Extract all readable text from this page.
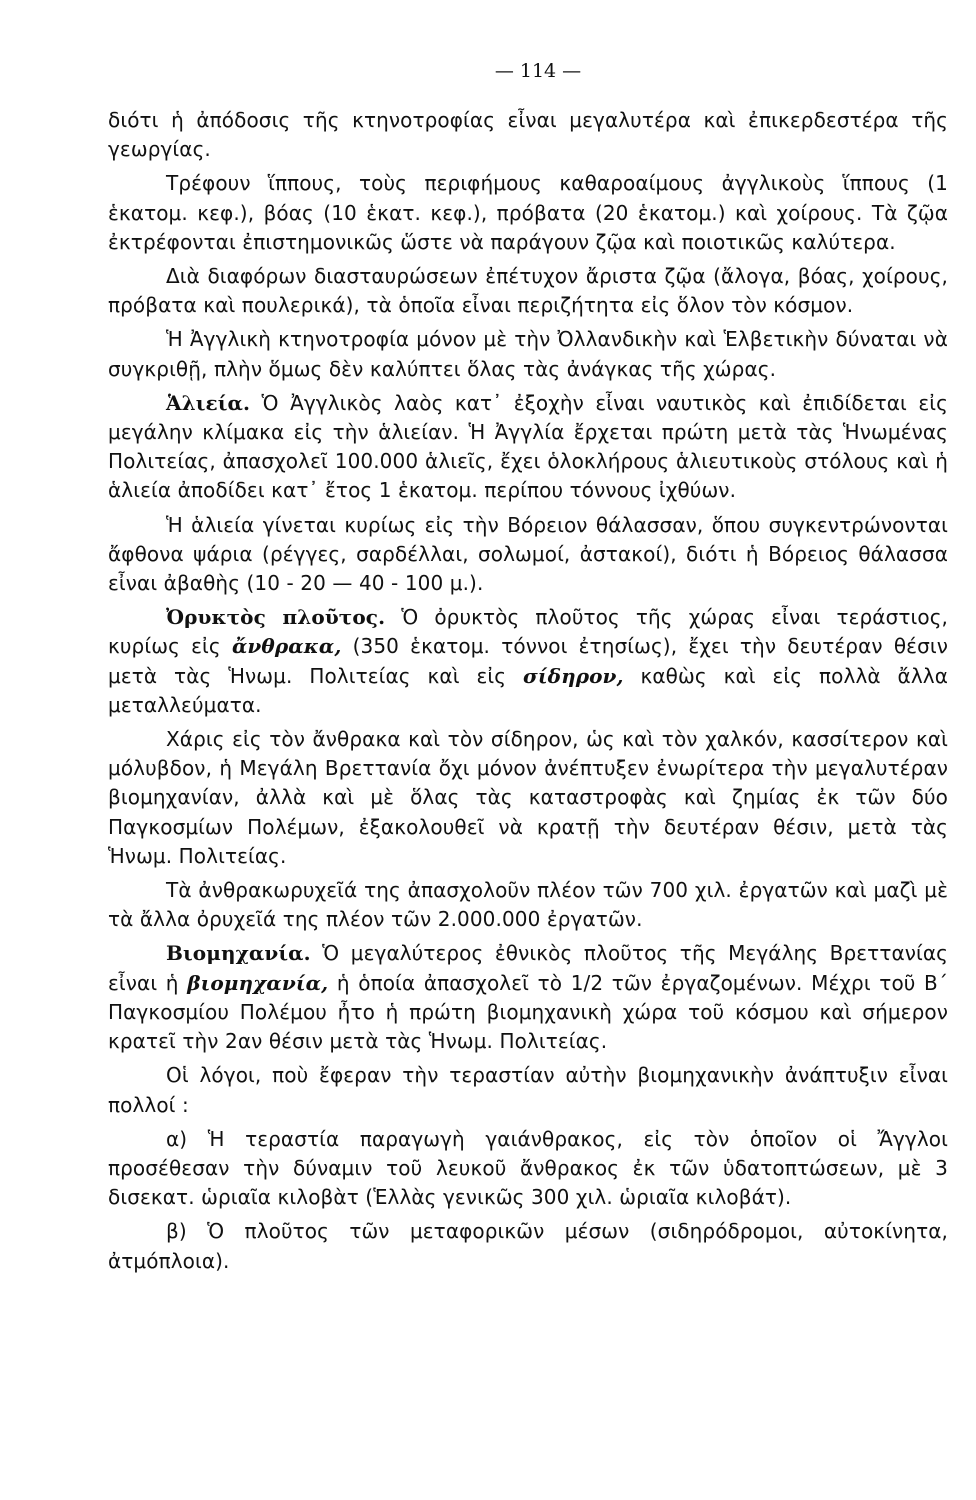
— 114 —

διότι ἡ ἀπόδοσις τῆς κτηνοτροφίας εἶναι μεγαλυτέρα καὶ ἐπικερδεστέρα τῆς γεωργίας.

Τρέφουν ἵππους, τοὺς περιφήμους καθαροαίμους ἀγγλικοὺς ἵππους (1 ἑκατομ. κεφ.), βόας (10 ἑκατ. κεφ.), πρόβατα (20 ἑκατομ.) καὶ χοίρους. Τὰ ζῷα ἐκτρέφονται ἐπιστημονικῶς ὥστε νὰ παράγουν ζῷα καὶ ποιοτικῶς καλύτερα.

Διὰ διαφόρων διασταυρώσεων ἐπέτυχον ἄριστα ζῷα (ἄλογα, βόας, χοίρους, πρόβατα καὶ πουλερικά), τὰ ὁποῖα εἶναι περιζήτητα εἰς ὅλον τὸν κόσμον.

Ἡ Ἀγγλικὴ κτηνοτροφία μόνον μὲ τὴν Ὀλλανδικὴν καὶ Ἑλβετικὴν δύναται νὰ συγκριθῇ, πλὴν ὅμως δὲν καλύπτει ὅλας τὰς ἀνάγκας τῆς χώρας.

Ἁλιεία. Ὁ Ἀγγλικὸς λαὸς κατ᾽ ἐξοχὴν εἶναι ναυτικὸς καὶ ἐπιδίδεται εἰς μεγάλην κλίμακα εἰς τὴν ἁλιείαν. Ἡ Ἀγγλία ἔρχεται πρώτη μετὰ τὰς Ἡνωμένας Πολιτείας, ἀπασχολεῖ 100.000 ἁλιεῖς, ἔχει ὁλοκλήρους ἁλιευτικοὺς στόλους καὶ ἡ ἁλιεία ἀποδίδει κατ᾽ ἔτος 1 ἑκατομ. περίπου τόννους ἰχθύων.

Ἡ ἁλιεία γίνεται κυρίως εἰς τὴν Βόρειον θάλασσαν, ὅπου συγκεντρώνονται ἄφθονα ψάρια (ρέγγες, σαρδέλλαι, σολωμοί, ἀστακοί), διότι ἡ Βόρειος θάλασσα εἶναι ἀβαθὴς (10 - 20 — 40 - 100 μ.).

Ὀρυκτὸς πλοῦτος. Ὁ ὀρυκτὸς πλοῦτος τῆς χώρας εἶναι τεράστιος, κυρίως εἰς ἄνθρακα, (350 ἑκατομ. τόννοι ἐτησίως), ἔχει τὴν δευτέραν θέσιν μετὰ τὰς Ἡνωμ. Πολιτείας καὶ εἰς σίδηρον, καθὼς καὶ εἰς πολλὰ ἄλλα μεταλλεύματα.

Χάρις εἰς τὸν ἄνθρακα καὶ τὸν σίδηρον, ὡς καὶ τὸν χαλκόν, κασσίτερον καὶ μόλυβδον, ἡ Μεγάλη Βρεττανία ὄχι μόνον ἀνέπτυξεν ἐνωρίτερα τὴν μεγαλυτέραν βιομηχανίαν, ἀλλὰ καὶ μὲ ὅλας τὰς καταστροφὰς καὶ ζημίας ἐκ τῶν δύο Παγκοσμίων Πολέμων, ἐξακολουθεῖ νὰ κρατῇ τὴν δευτέραν θέσιν, μετὰ τὰς Ἡνωμ. Πολιτείας.

Τὰ ἀνθρακωρυχεῖά της ἀπασχολοῦν πλέον τῶν 700 χιλ. ἐργατῶν καὶ μαζὶ μὲ τὰ ἄλλα ὀρυχεῖά της πλέον τῶν 2.000.000 ἐργατῶν.

Βιομηχανία. Ὁ μεγαλύτερος ἐθνικὸς πλοῦτος τῆς Μεγάλης Βρεττανίας εἶναι ἡ βιομηχανία, ἡ ὁποία ἀπασχολεῖ τὸ 1/2 τῶν ἐργαζομένων. Μέχρι τοῦ Β´ Παγκοσμίου Πολέμου ἦτο ἡ πρώτη βιομηχανικὴ χώρα τοῦ κόσμου καὶ σήμερον κρατεῖ τὴν 2αν θέσιν μετὰ τὰς Ἡνωμ. Πολιτείας.

Οἱ λόγοι, ποὺ ἔφεραν τὴν τεραστίαν αὐτὴν βιομηχανικὴν ἀνάπτυξιν εἶναι πολλοί :

α) Ἡ τεραστία παραγωγὴ γαιάνθρακος, εἰς τὸν ὁποῖον οἱ Ἄγγλοι προσέθεσαν τὴν δύναμιν τοῦ λευκοῦ ἄνθρακος ἐκ τῶν ὑδατοπτώσεων, μὲ 3 δισεκατ. ὡριαῖα κιλοβὰτ (Ἑλλὰς γενικῶς 300 χιλ. ὡριαῖα κιλοβάτ).

β) Ὁ πλοῦτος τῶν μεταφορικῶν μέσων (σιδηρόδρομοι, αὐτοκίνητα, ἀτμόπλοια).
